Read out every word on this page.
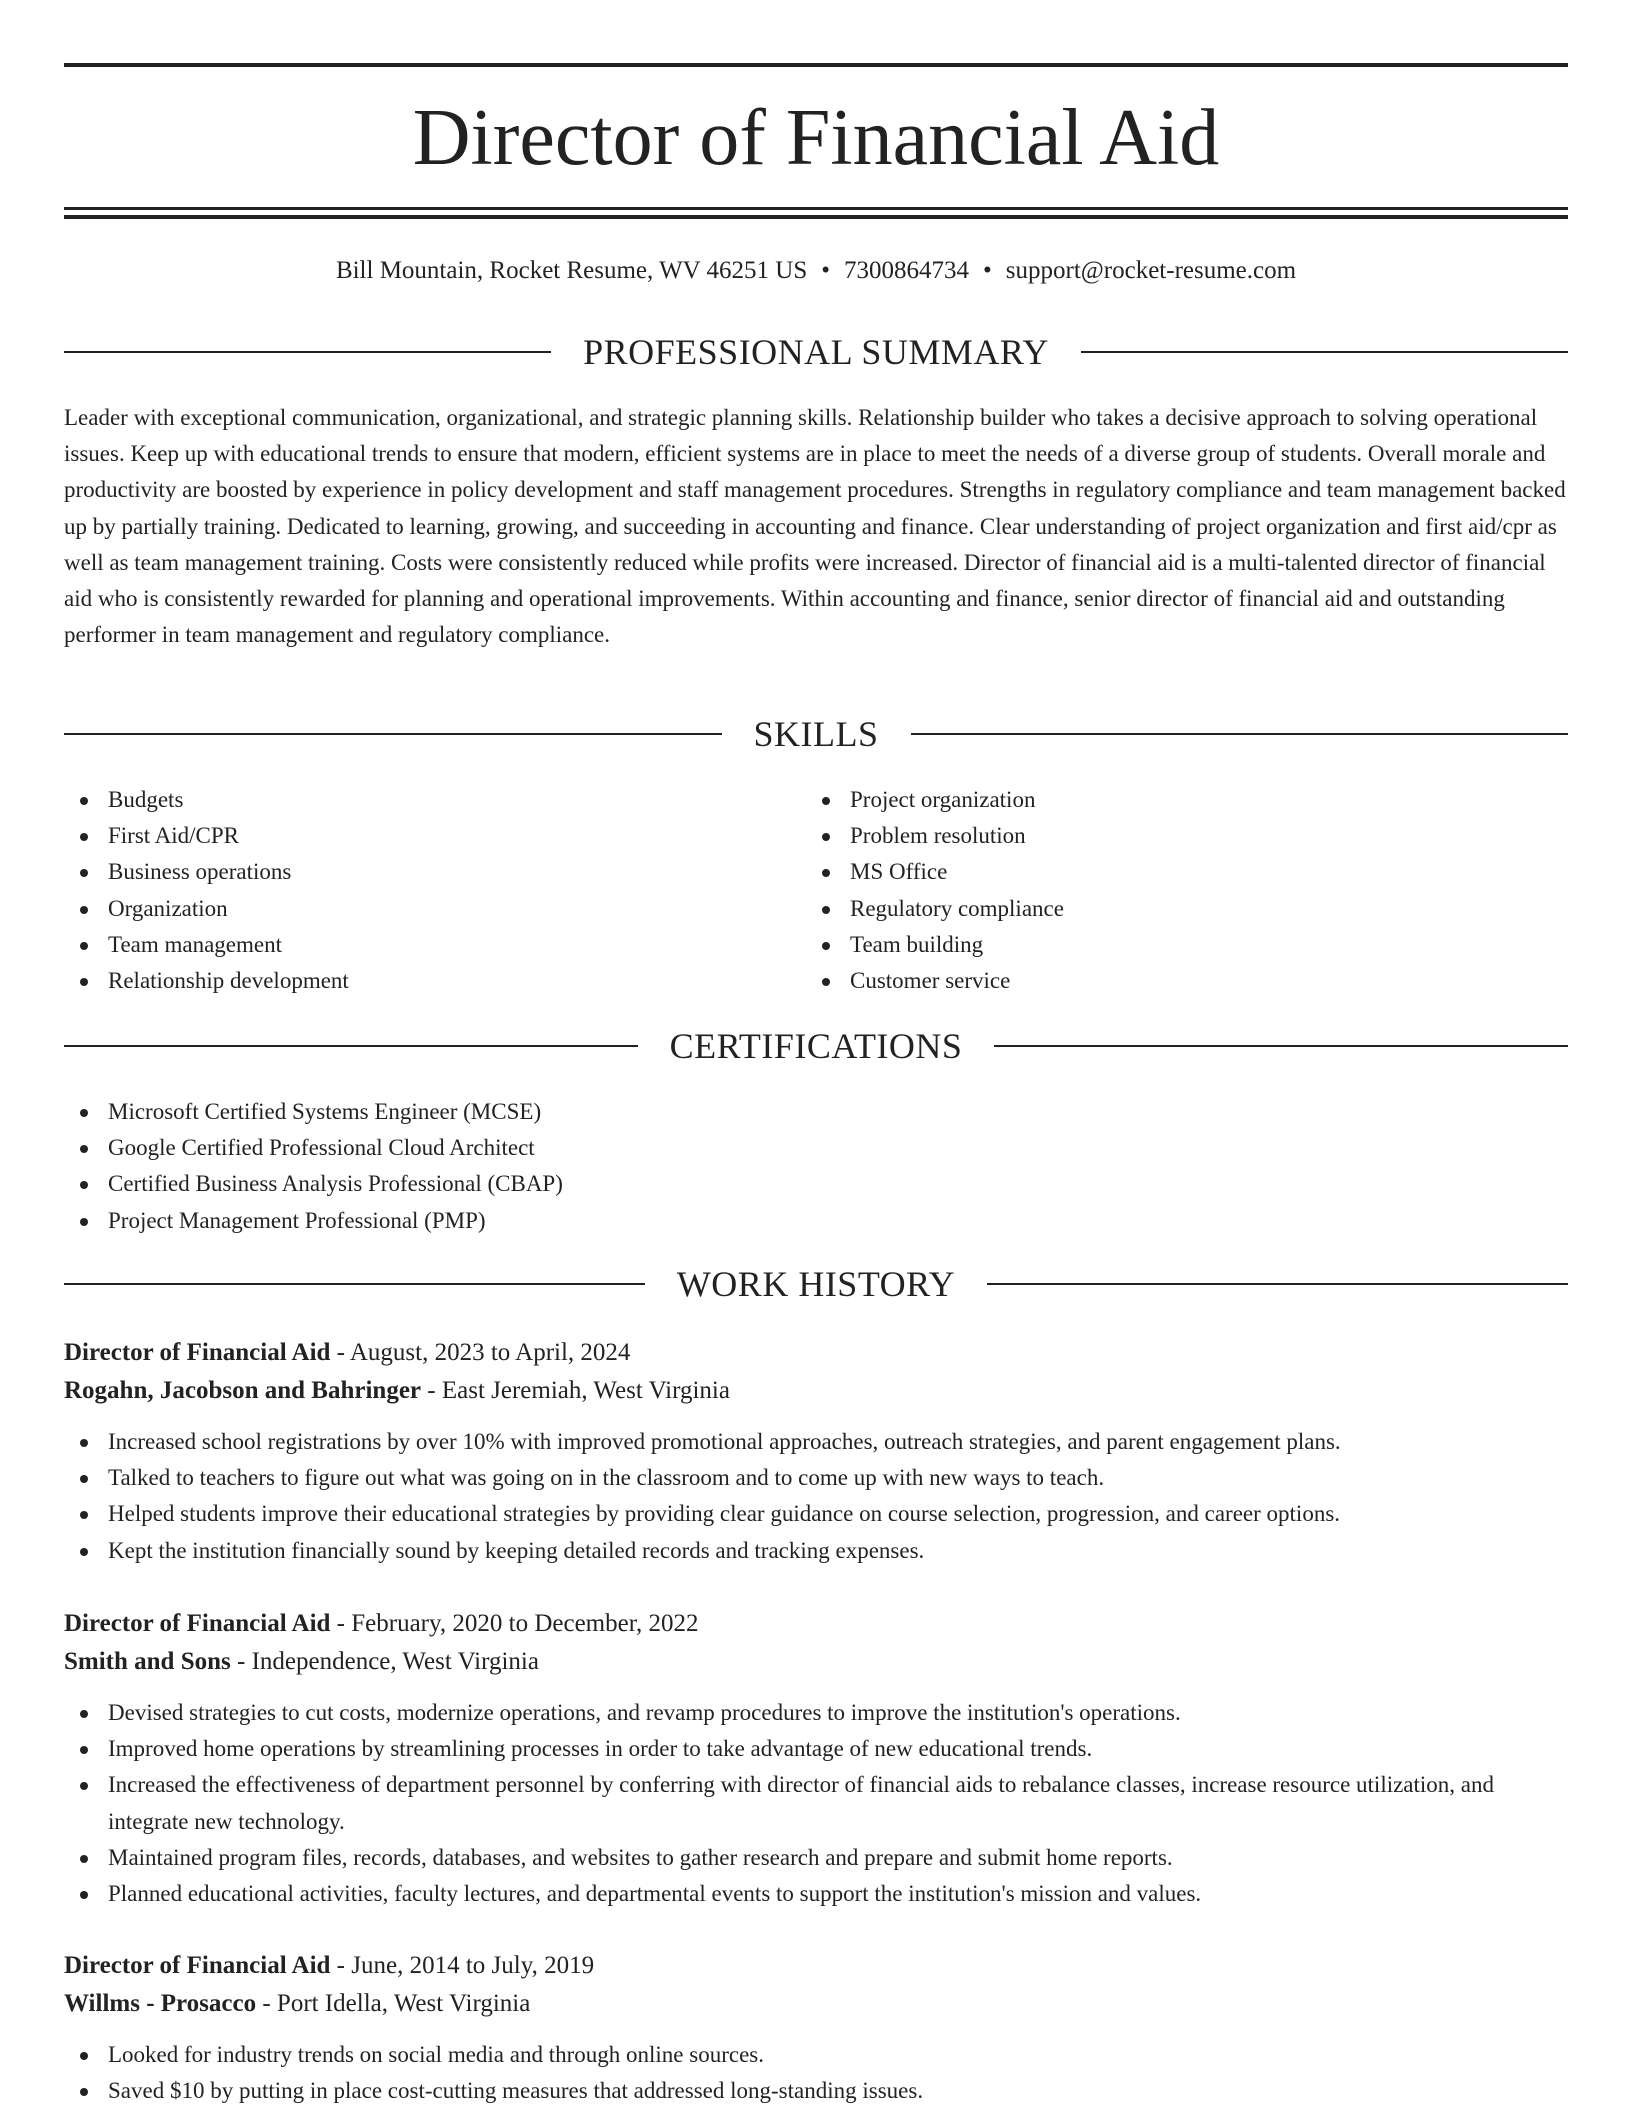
Director of Financial Aid
Bill Mountain, Rocket Resume, WV 46251 US • 7300864734 • support@rocket-resume.com
PROFESSIONAL SUMMARY

Leader with exceptional communication, organizational, and strategic planning skills. Relationship builder who takes a decisive approach to solving operational issues. Keep up with educational trends to ensure that modern, efficient systems are in place to meet the needs of a diverse group of students. Overall morale and productivity are boosted by experience in policy development and staff management procedures. Strengths in regulatory compliance and team management backed up by partially training. Dedicated to learning, growing, and succeeding in accounting and finance. Clear understanding of project organization and first aid/cpr as well as team management training. Costs were consistently reduced while profits were increased. Director of financial aid is a multi-talented director of financial aid who is consistently rewarded for planning and operational improvements. Within accounting and finance, senior director of financial aid and outstanding performer in team management and regulatory compliance.

SKILLS
Budgets
First Aid/CPR
Business operations
Organization
Team management
Relationship development
Project organization
Problem resolution
MS Office
Regulatory compliance
Team building
Customer service
CERTIFICATIONS
Microsoft Certified Systems Engineer (MCSE)
Google Certified Professional Cloud Architect
Certified Business Analysis Professional (CBAP)
Project Management Professional (PMP)
WORK HISTORY
Director of Financial Aid - August, 2023 to April, 2024
Rogahn, Jacobson and Bahringer - East Jeremiah, West Virginia
Increased school registrations by over 10% with improved promotional approaches, outreach strategies, and parent engagement plans.
Talked to teachers to figure out what was going on in the classroom and to come up with new ways to teach.
Helped students improve their educational strategies by providing clear guidance on course selection, progression, and career options.
Kept the institution financially sound by keeping detailed records and tracking expenses.
Director of Financial Aid - February, 2020 to December, 2022
Smith and Sons - Independence, West Virginia
Devised strategies to cut costs, modernize operations, and revamp procedures to improve the institution's operations.
Improved home operations by streamlining processes in order to take advantage of new educational trends.
Increased the effectiveness of department personnel by conferring with director of financial aids to rebalance classes, increase resource utilization, and integrate new technology.
Maintained program files, records, databases, and websites to gather research and prepare and submit home reports.
Planned educational activities, faculty lectures, and departmental events to support the institution's mission and values.
Director of Financial Aid - June, 2014 to July, 2019
Willms - Prosacco - Port Idella, West Virginia
Looked for industry trends on social media and through online sources.
Saved $10 by putting in place cost-cutting measures that addressed long-standing issues.
